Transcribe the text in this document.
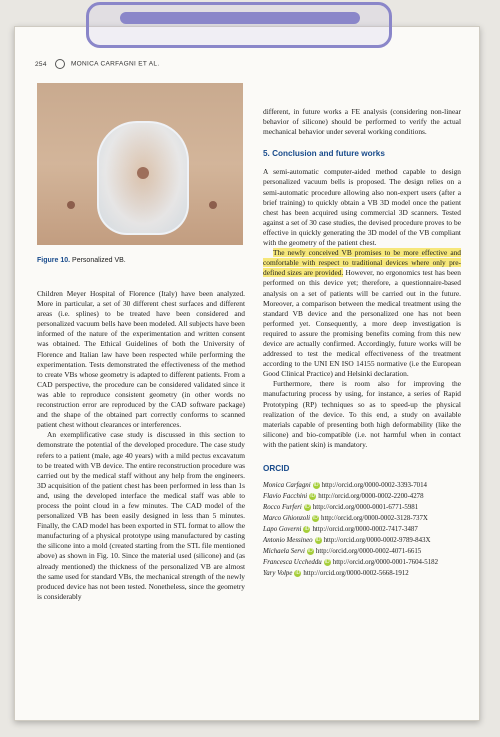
254	MONICA CARFAGNI ET AL.
Figure 10. Personalized VB.

Children Meyer Hospital of Florence (Italy) have been analyzed. More in particular, a set of 30 different chest surfaces and different areas (i.e. splines) to be treated have been considered and personalized vacuum bells have been modeled. All subjects have been informed of the nature of the experimentation and written consent was obtained. The Ethical Guidelines of both the University of Florence and Italian law have been respected while performing the experimentation. Tests demonstrated the effectiveness of the method to create VBs whose geometry is adapted to different patients. From a CAD perspective, the procedure can be considered validated since it was able to reproduce consistent geometry (in other words no reconstruction error are reproduced by the CAD software package) and the shape of the obtained part correctly conforms to scanned patient chest without clearances or interferences.

An exemplificative case study is discussed in this section to demonstrate the potential of the developed procedure. The case study refers to a patient (male, age 40 years) with a mild pectus excavatum to be treated with VB device. The entire reconstruction procedure was carried out by the medical staff without any help from the engineers. 3D acquisition of the patient chest has been performed in less than 1s and, using the developed interface the medical staff was able to process the point cloud in a few minutes. The CAD model of the personalized VB has been easily designed in less than 5 minutes. Finally, the CAD model has been exported in STL format to allow the manufacturing of a physical prototype using manufactured by casting the silicone into a mold (created starting from the STL file mentioned above) as shown in Fig. 10. Since the material used (silicone) and (as already mentioned) the thickness of the personalized VB are almost the same used for standard VBs, the mechanical strength of the newly produced device has not been tested. Nonetheless, since the geometry is considerably

different, in future works a FE analysis (considering non-linear behavior of silicone) should be performed to verify the actual mechanical behavior under several working conditions.

5. Conclusion and future works

A semi-automatic computer-aided method capable to design personalized vacuum bells is proposed. The design relies on a semi-automatic procedure allowing also non-expert users (after a brief training) to quickly obtain a VB 3D model once the patient chest has been acquired using commercial 3D scanners. Tested against a set of 30 case studies, the devised procedure proves to be effective in quickly generating the 3D model of the VB compliant with the geometry of the patient chest.

The newly conceived VB promises to be more effective and comfortable with respect to traditional devices where only pre-defined sizes are provided. However, no ergonomics test has been performed on this device yet; therefore, a questionnaire-based analysis on a set of patients will be carried out in the future. Moreover, a comparison between the medical treatment using the standard VB device and the personalized one has not been performed yet. Consequently, a more deep investigation is required to assure the promising benefits coming from this new device are actually confirmed. Accordingly, future works will be addressed to test the medical effectiveness of the treatment according to the UNI EN ISO 14155 normative (i.e the European Good Clinical Practice) and Helsinki declaration.

Furthermore, there is room also for improving the manufacturing process by using, for instance, a series of Rapid Prototyping (RP) techniques so as to speed-up the physical realization of the device. To this end, a study on available materials capable of presenting both high deformability (like the silicone) and bio-compatible (i.e. not harmful when in contact with the patient skin) is mandatory.

ORCID
Monica Carfagni iD http://orcid.org/0000-0002-3393-7014
Flavio Facchini iD http://orcid.org/0000-0002-2200-4278
Rocco Furferi iD http://orcid.org/0000-0001-6771-5981
Marco Ghionzoli iD http://orcid.org/0000-0002-3128-737X
Lapo Governi iD http://orcid.org/0000-0002-7417-3487
Antonio Messineo iD http://orcid.org/0000-0002-9789-843X
Michaela Servi iD http://orcid.org/0000-0002-4071-6615
Francesca Uccheddu iD http://orcid.org/0000-0001-7604-5182
Yary Volpe iD http://orcid.org/0000-0002-5668-1912
